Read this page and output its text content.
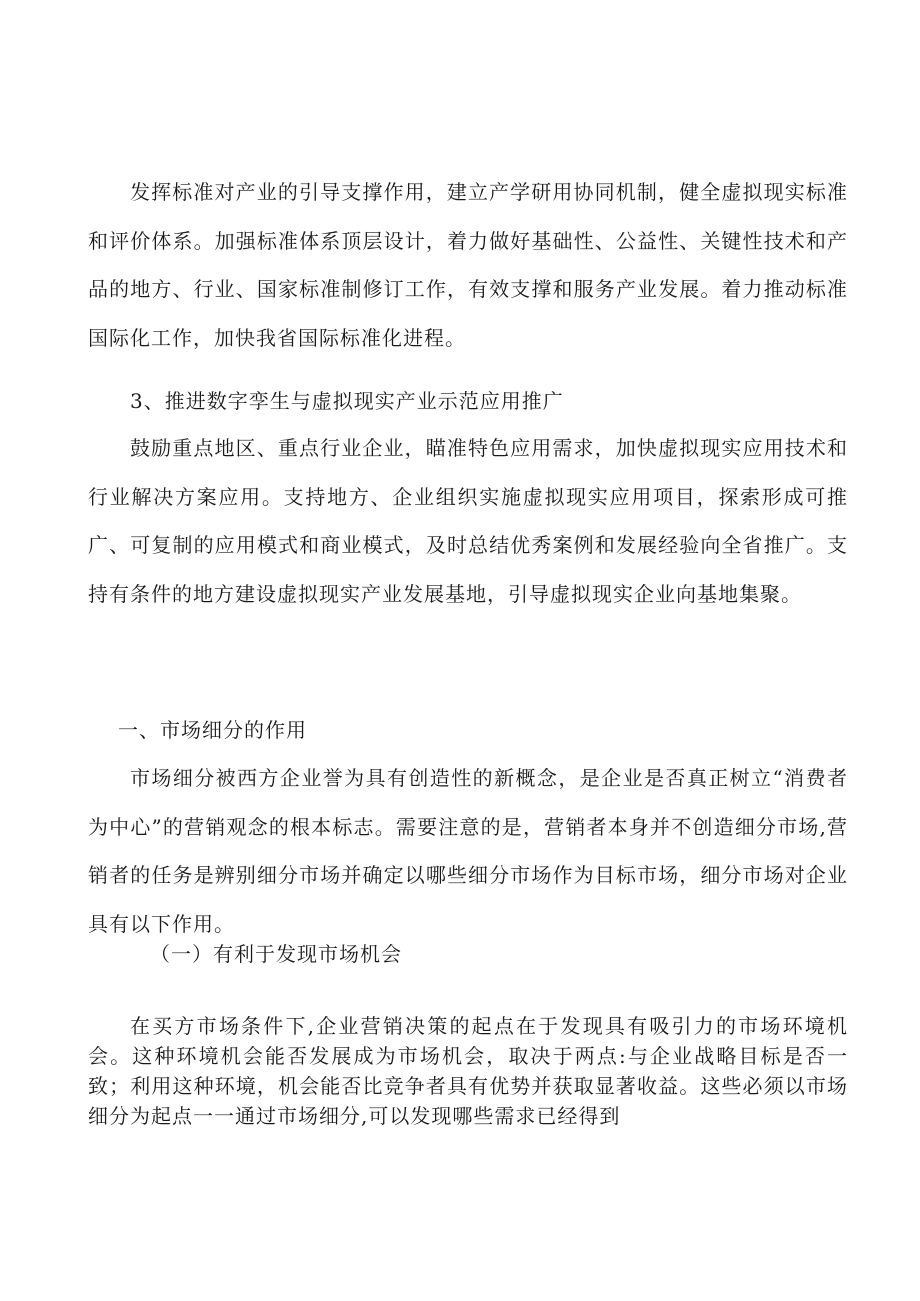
发挥标准对产业的引导支撑作用，建立产学研用协同机制，健全虚拟现实标准和评价体系。加强标准体系顶层设计，着力做好基础性、公益性、关键性技术和产品的地方、行业、国家标准制修订工作，有效支撑和服务产业发展。着力推动标准国际化工作，加快我省国际标准化进程。

3、推进数字孪生与虚拟现实产业示范应用推广

鼓励重点地区、重点行业企业，瞄准特色应用需求，加快虚拟现实应用技术和行业解决方案应用。支持地方、企业组织实施虚拟现实应用项目，探索形成可推广、可复制的应用模式和商业模式，及时总结优秀案例和发展经验向全省推广。支持有条件的地方建设虚拟现实产业发展基地，引导虚拟现实企业向基地集聚。

一、市场细分的作用

市场细分被西方企业誉为具有创造性的新概念，是企业是否真正树立“消费者为中心”的营销观念的根本标志。需要注意的是，营销者本身并不创造细分市场,营销者的任务是辨别细分市场并确定以哪些细分市场作为目标市场，细分市场对企业具有以下作用。

（一）有利于发现市场机会

在买方市场条件下,企业营销决策的起点在于发现具有吸引力的市场环境机会。这种环境机会能否发展成为市场机会，取决于两点:与企业战略目标是否一致；利用这种环境，机会能否比竞争者具有优势并获取显著收益。这些必须以市场细分为起点一一通过市场细分,可以发现哪些需求已经得到
